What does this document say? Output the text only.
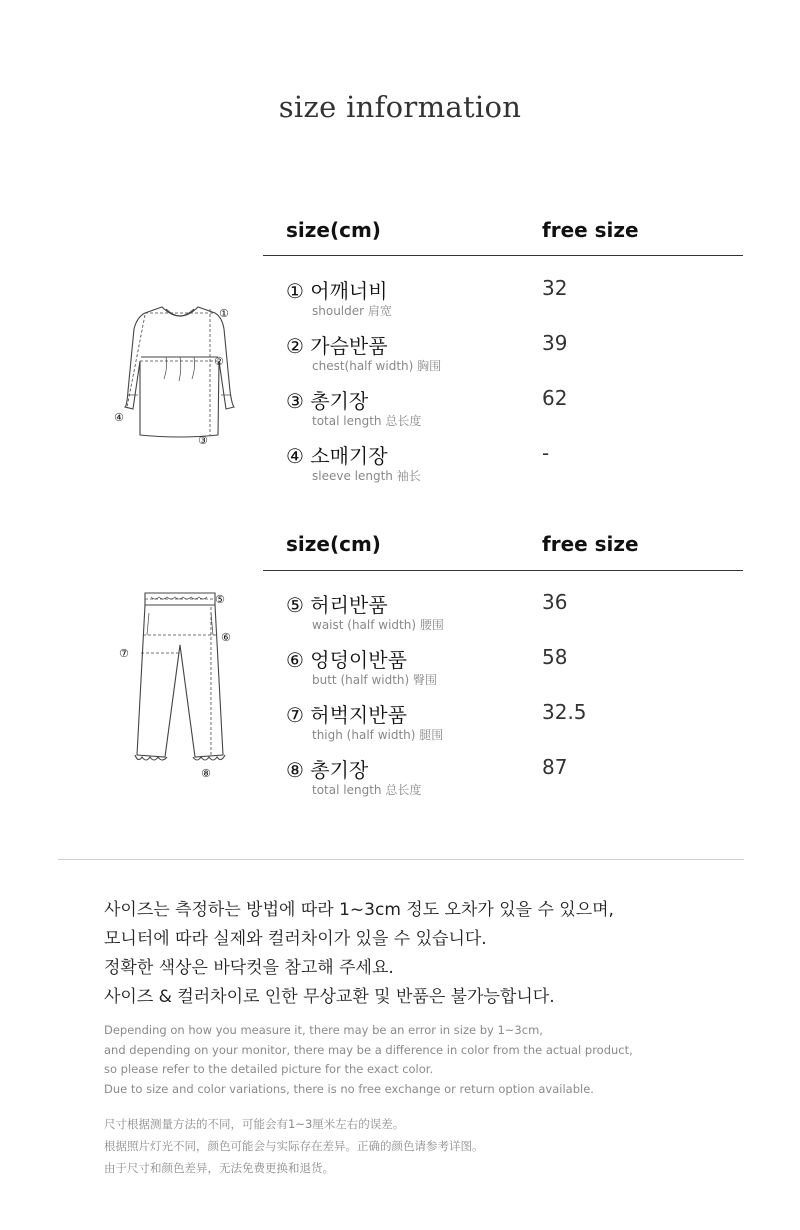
size information
size(cm)	free size
① 어깨너비
shoulder 肩宽
32
② 가슴반품
chest(half width) 胸围
39
③ 총기장
total length 总长度
62
④ 소매기장
sleeve length 袖长
-
①
②
③
④
size(cm)	free size
⑤ 허리반품
waist (half width) 腰围
36
⑥ 엉덩이반품
butt (half width) 臀围
58
⑦ 허벅지반품
thigh (half width) 腿围
32.5
⑧ 총기장
total length 总长度
87
⑤
⑥
⑦
⑧
사이즈는 측정하는 방법에 따라 1~3cm 정도 오차가 있을 수 있으며,
모니터에 따라 실제와 컬러차이가 있을 수 있습니다.
정확한 색상은 바닥컷을 참고해 주세요.
사이즈 & 컬러차이로 인한 무상교환 및 반품은 불가능합니다.
Depending on how you measure it, there may be an error in size by 1~3cm,
and depending on your monitor, there may be a difference in color from the actual product,
so please refer to the detailed picture for the exact color.
Due to size and color variations, there is no free exchange or return option available.
尺寸根据测量方法的不同，可能会有1~3厘米左右的误差。
根据照片灯光不同，颜色可能会与实际存在差异。正确的颜色请参考详图。
由于尺寸和颜色差异，无法免费更换和退货。
